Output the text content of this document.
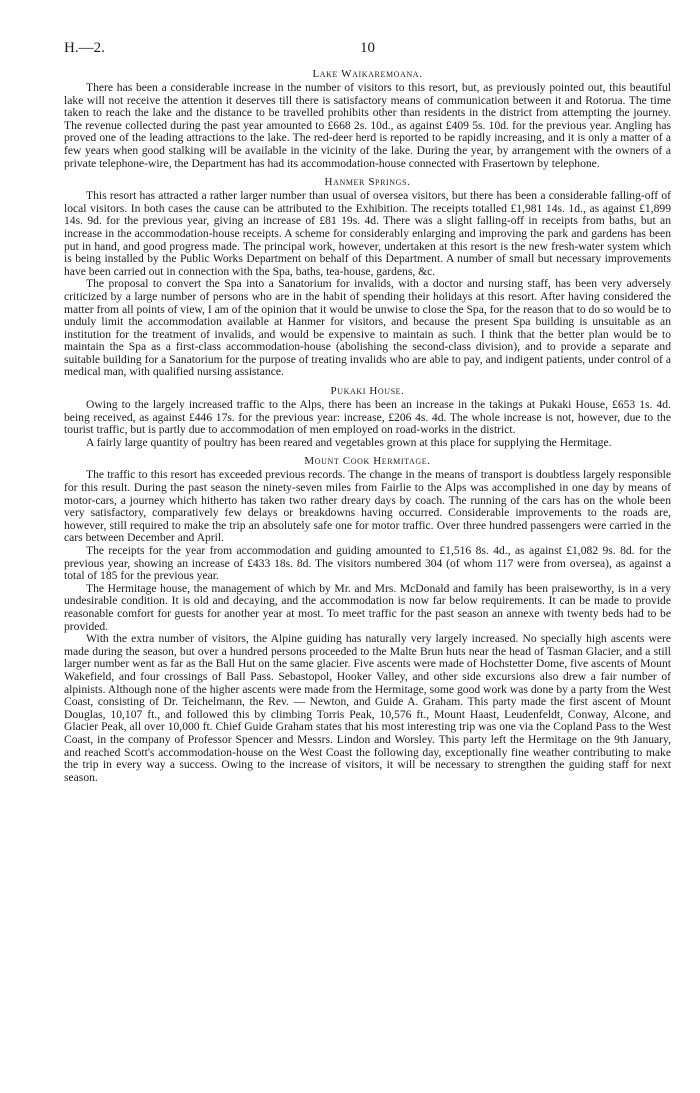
H.—2.	10
Lake Waikaremoana.

There has been a considerable increase in the number of visitors to this resort, but, as previously pointed out, this beautiful lake will not receive the attention it deserves till there is satisfactory means of communication between it and Rotorua. The time taken to reach the lake and the distance to be travelled prohibits other than residents in the district from attempting the journey. The revenue collected during the past year amounted to £668 2s. 10d., as against £409 5s. 10d. for the previous year. Angling has proved one of the leading attractions to the lake. The red-deer herd is reported to be rapidly increasing, and it is only a matter of a few years when good stalking will be available in the vicinity of the lake. During the year, by arrangement with the owners of a private telephone-wire, the Department has had its accommodation-house connected with Frasertown by telephone.

Hanmer Springs.

This resort has attracted a rather larger number than usual of oversea visitors, but there has been a considerable falling-off of local visitors. In both cases the cause can be attributed to the Exhibition. The receipts totalled £1,981 14s. 1d., as against £1,899 14s. 9d. for the previous year, giving an increase of £81 19s. 4d. There was a slight falling-off in receipts from baths, but an increase in the accommodation-house receipts. A scheme for considerably enlarging and improving the park and gardens has been put in hand, and good progress made. The principal work, however, undertaken at this resort is the new fresh-water system which is being installed by the Public Works Department on behalf of this Department. A number of small but necessary improvements have been carried out in connection with the Spa, baths, tea-house, gardens, &c.

The proposal to convert the Spa into a Sanatorium for invalids, with a doctor and nursing staff, has been very adversely criticized by a large number of persons who are in the habit of spending their holidays at this resort. After having considered the matter from all points of view, I am of the opinion that it would be unwise to close the Spa, for the reason that to do so would be to unduly limit the accommodation available at Hanmer for visitors, and because the present Spa building is unsuitable as an institution for the treatment of invalids, and would be expensive to maintain as such. I think that the better plan would be to maintain the Spa as a first-class accommodation-house (abolishing the second-class division), and to provide a separate and suitable building for a Sanatorium for the purpose of treating invalids who are able to pay, and indigent patients, under control of a medical man, with qualified nursing assistance.

Pukaki House.

Owing to the largely increased traffic to the Alps, there has been an increase in the takings at Pukaki House, £653 1s. 4d. being received, as against £446 17s. for the previous year: increase, £206 4s. 4d. The whole increase is not, however, due to the tourist traffic, but is partly due to accommodation of men employed on road-works in the district.

A fairly large quantity of poultry has been reared and vegetables grown at this place for supplying the Hermitage.

Mount Cook Hermitage.

The traffic to this resort has exceeded previous records. The change in the means of transport is doubtless largely responsible for this result. During the past season the ninety-seven miles from Fairlie to the Alps was accomplished in one day by means of motor-cars, a journey which hitherto has taken two rather dreary days by coach. The running of the cars has on the whole been very satisfactory, comparatively few delays or breakdowns having occurred. Considerable improvements to the roads are, however, still required to make the trip an absolutely safe one for motor traffic. Over three hundred passengers were carried in the cars between December and April.

The receipts for the year from accommodation and guiding amounted to £1,516 8s. 4d., as against £1,082 9s. 8d. for the previous year, showing an increase of £433 18s. 8d. The visitors numbered 304 (of whom 117 were from oversea), as against a total of 185 for the previous year.

The Hermitage house, the management of which by Mr. and Mrs. McDonald and family has been praiseworthy, is in a very undesirable condition. It is old and decaying, and the accommodation is now far below requirements. It can be made to provide reasonable comfort for guests for another year at most. To meet traffic for the past season an annexe with twenty beds had to be provided.

With the extra number of visitors, the Alpine guiding has naturally very largely increased. No specially high ascents were made during the season, but over a hundred persons proceeded to the Malte Brun huts near the head of Tasman Glacier, and a still larger number went as far as the Ball Hut on the same glacier. Five ascents were made of Hochstetter Dome, five ascents of Mount Wakefield, and four crossings of Ball Pass. Sebastopol, Hooker Valley, and other side excursions also drew a fair number of alpinists. Although none of the higher ascents were made from the Hermitage, some good work was done by a party from the West Coast, consisting of Dr. Teichelmann, the Rev. — Newton, and Guide A. Graham. This party made the first ascent of Mount Douglas, 10,107 ft., and followed this by climbing Torris Peak, 10,576 ft., Mount Haast, Leudenfeldt, Conway, Alcone, and Glacier Peak, all over 10,000 ft. Chief Guide Graham states that his most interesting trip was one via the Copland Pass to the West Coast, in the company of Professor Spencer and Messrs. Lindon and Worsley. This party left the Hermitage on the 9th January, and reached Scott's accommodation-house on the West Coast the following day, exceptionally fine weather contributing to make the trip in every way a success. Owing to the increase of visitors, it will be necessary to strengthen the guiding staff for next season.
